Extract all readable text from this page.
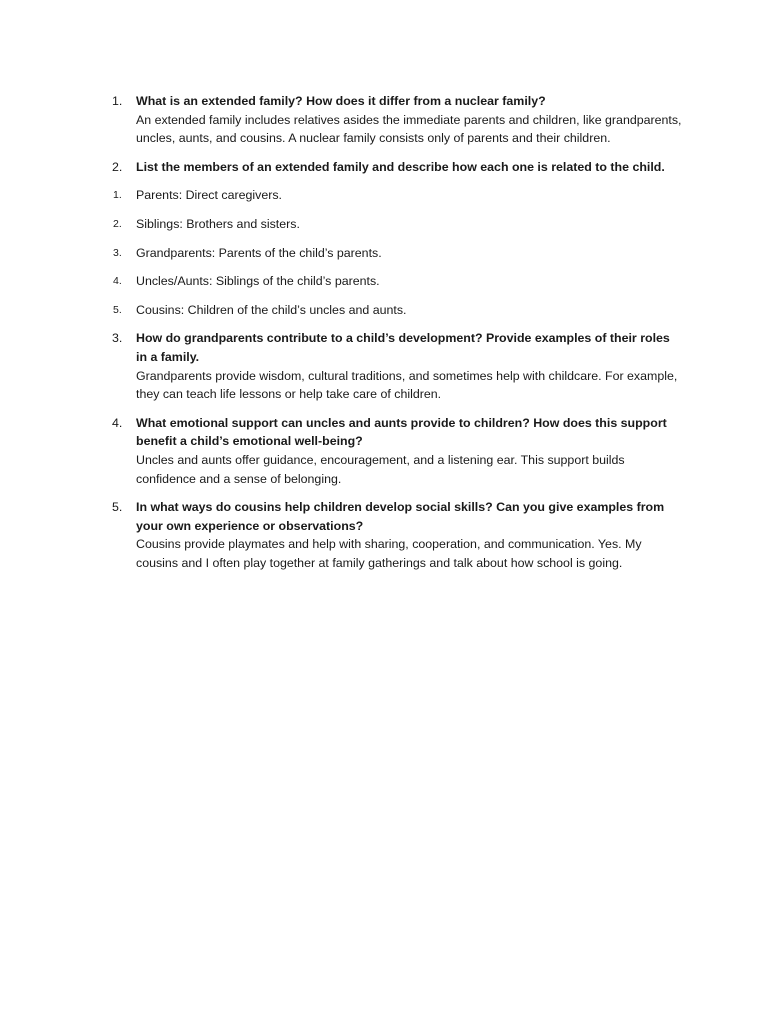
1.	What is an extended family? How does it differ from a nuclear family?
An extended family includes relatives asides the immediate parents and children, like grandparents, uncles, aunts, and cousins. A nuclear family consists only of parents and their children.
2.	List the members of an extended family and describe how each one is related to the child.
1.	Parents: Direct caregivers.
2.	Siblings: Brothers and sisters.
3.	Grandparents: Parents of the child’s parents.
4.	Uncles/Aunts: Siblings of the child’s parents.
5.	Cousins: Children of the child’s uncles and aunts.
3.	How do grandparents contribute to a child’s development? Provide examples of their roles in a family.
Grandparents provide wisdom, cultural traditions, and sometimes help with childcare. For example, they can teach life lessons or help take care of children.
4.	What emotional support can uncles and aunts provide to children? How does this support benefit a child’s emotional well-being?
Uncles and aunts offer guidance, encouragement, and a listening ear. This support builds confidence and a sense of belonging.
5.	In what ways do cousins help children develop social skills? Can you give examples from your own experience or observations?
Cousins provide playmates and help with sharing, cooperation, and communication. Yes. My cousins and I often play together at family gatherings and talk about how school is going.
